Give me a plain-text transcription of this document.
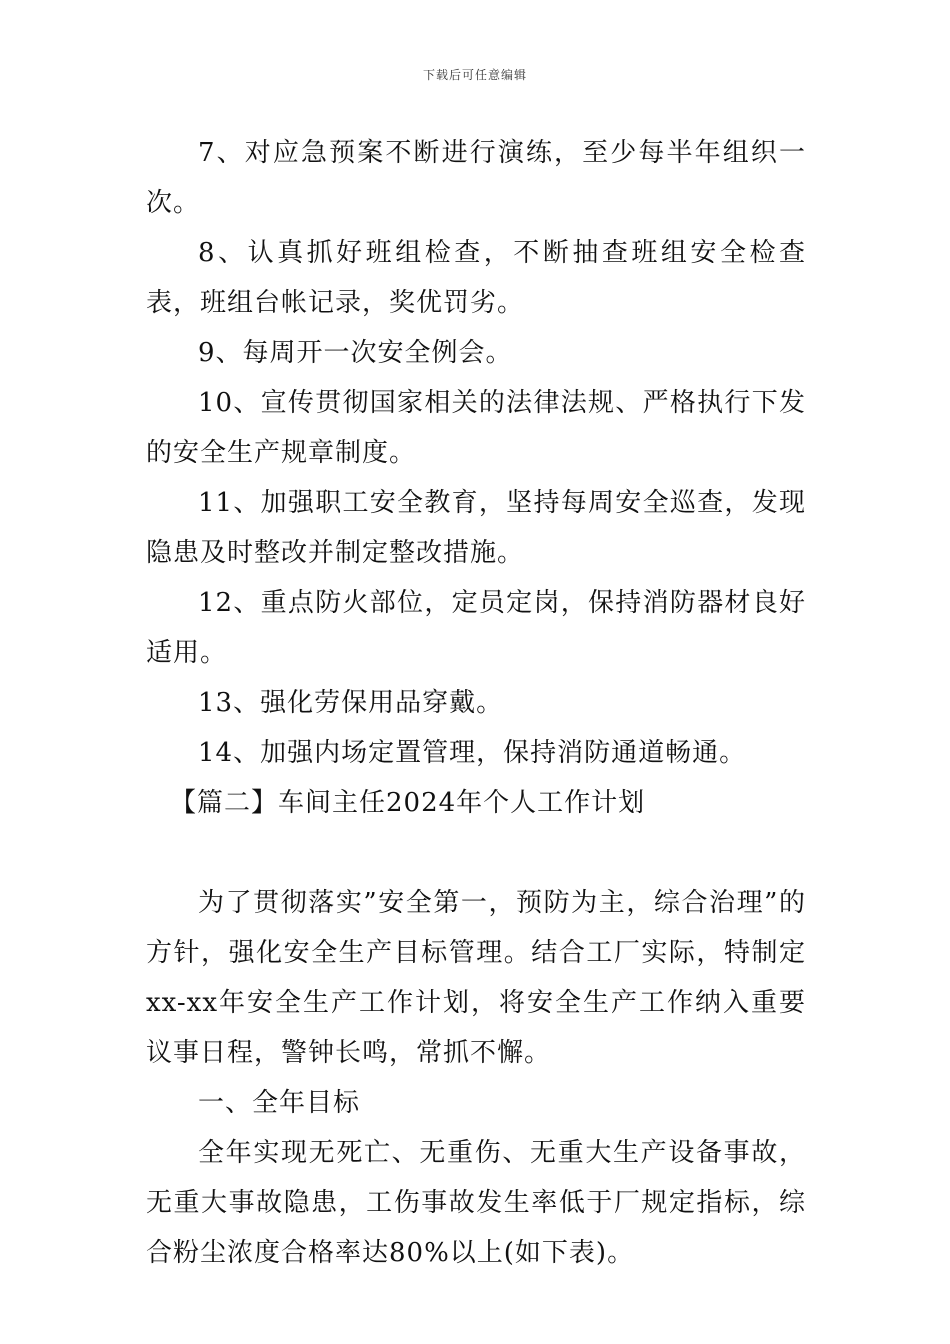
下载后可任意编辑

7、对应急预案不断进行演练，至少每半年组织一次。

8、认真抓好班组检查，不断抽查班组安全检查表，班组台帐记录，奖优罚劣。

9、每周开一次安全例会。

10、宣传贯彻国家相关的法律法规、严格执行下发的安全生产规章制度。

11、加强职工安全教育，坚持每周安全巡查，发现隐患及时整改并制定整改措施。

12、重点防火部位，定员定岗，保持消防器材良好适用。

13、强化劳保用品穿戴。

14、加强内场定置管理，保持消防通道畅通。

【篇二】车间主任2024年个人工作计划

为了贯彻落实”安全第一，预防为主，综合治理”的方针，强化安全生产目标管理。结合工厂实际，特制定xx-xx年安全生产工作计划，将安全生产工作纳入重要议事日程，警钟长鸣，常抓不懈。

一、全年目标

全年实现无死亡、无重伤、无重大生产设备事故，无重大事故隐患，工伤事故发生率低于厂规定指标，综合粉尘浓度合格率达80%以上(如下表)。
